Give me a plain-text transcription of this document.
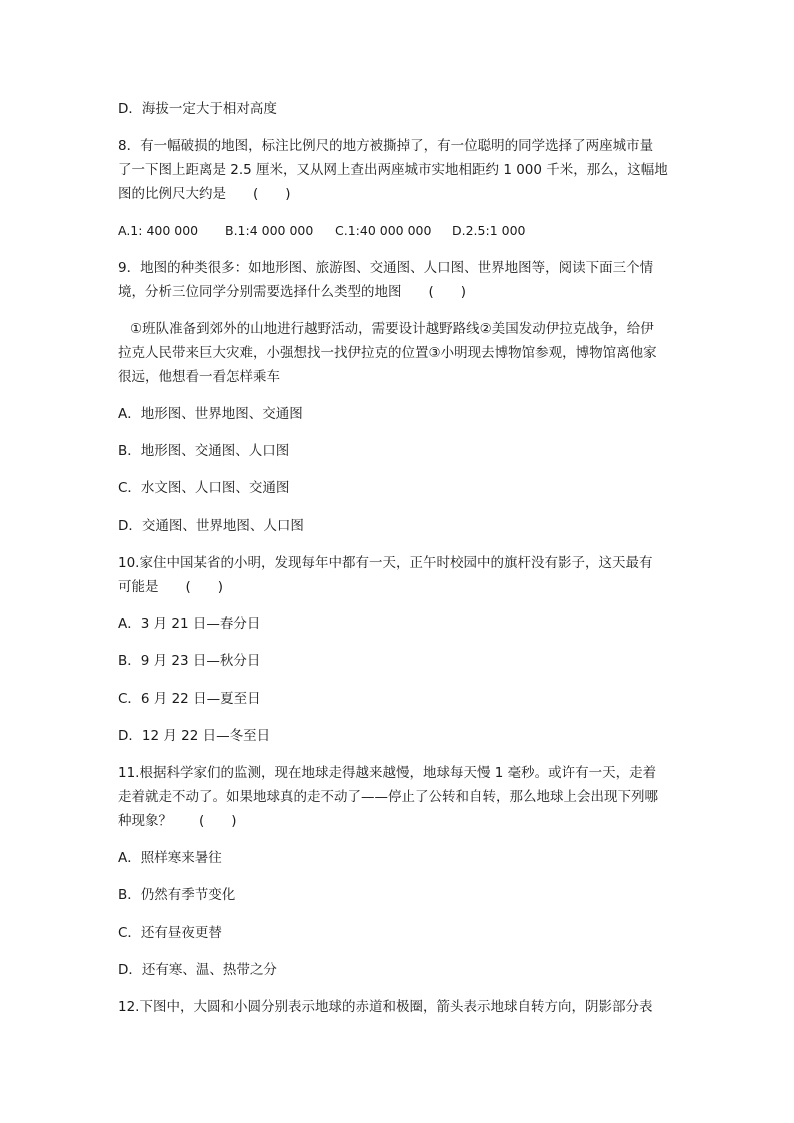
D．海拔一定大于相对高度

8．有一幅破损的地图，标注比例尺的地方被撕掉了，有一位聪明的同学选择了两座城市量

了一下图上距离是 2.5 厘米，又从网上查出两座城市实地相距约 1 000 千米，那么，这幅地

图的比例尺大约是　　(　　)

A.1: 400 000 B.1:4 000 000 C.1:40 000 000 D.2.5:1 000

9．地图的种类很多：如地形图、旅游图、交通图、人口图、世界地图等，阅读下面三个情

境，分析三位同学分别需要选择什么类型的地图　　(　　)

①班队准备到郊外的山地进行越野活动，需要设计越野路线②美国发动伊拉克战争，给伊

拉克人民带来巨大灾难，小强想找一找伊拉克的位置③小明现去博物馆参观，博物馆离他家

很远，他想看一看怎样乘车

A．地形图、世界地图、交通图

B．地形图、交通图、人口图

C．水文图、人口图、交通图

D．交通图、世界地图、人口图

10.家住中国某省的小明，发现每年中都有一天，正午时校园中的旗杆没有影子，这天最有

可能是　　(　　)

A．3 月 21 日—春分日

B．9 月 23 日—秋分日

C．6 月 22 日—夏至日

D．12 月 22 日—冬至日

11.根据科学家们的监测，现在地球走得越来越慢，地球每天慢 1 毫秒。或许有一天，走着

走着就走不动了。如果地球真的走不动了——停止了公转和自转，那么地球上会出现下列哪

种现象？　　(　　)

A．照样寒来暑往

B．仍然有季节变化

C．还有昼夜更替

D．还有寒、温、热带之分

12.下图中，大圆和小圆分别表示地球的赤道和极圈，箭头表示地球自转方向，阴影部分表
